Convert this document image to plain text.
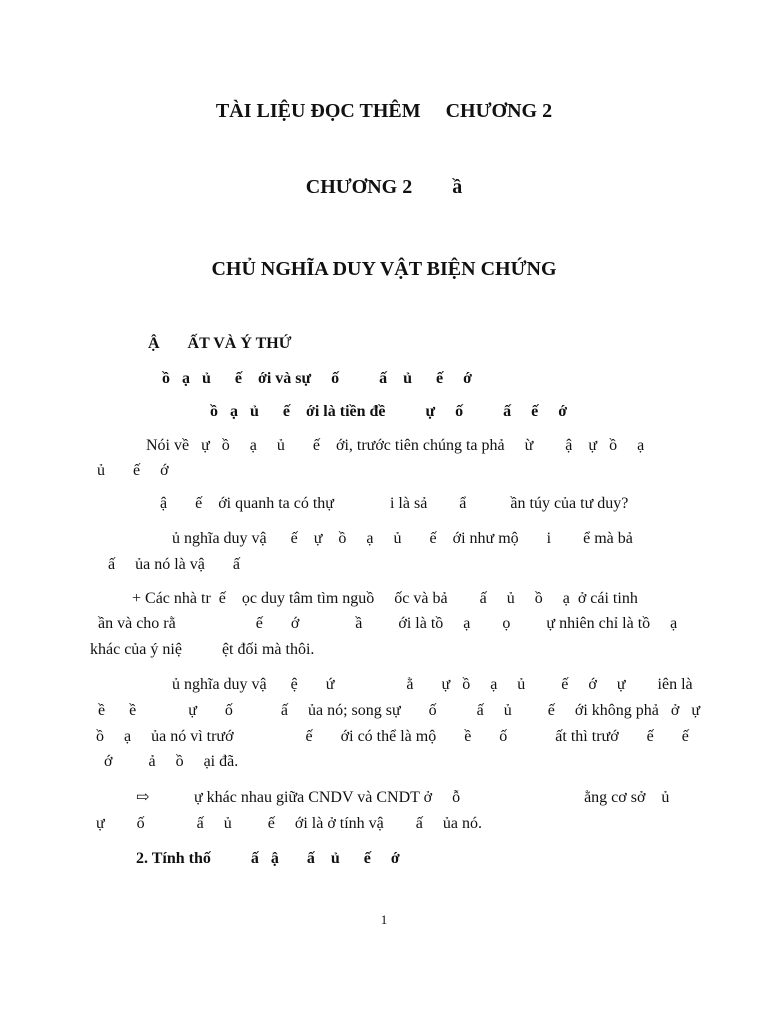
TÀI LIỆU ĐỌC THÊM     CHƯƠNG 2
CHƯƠNG 2        ầ
CHỦ NGHĨA DUY VẬT BIỆN CHỨNG
Ậ       ẤT VÀ Ý THỨ
ồ   ạ   ủ      ế    ới và sự     ố          ấ    ủ      ế     ớ
ồ   ạ   ủ      ế    ới là tiền đề          ự     ố          ấ     ế     ớ
Nói về   ự   ồ     ạ     ủ       ế    ới, trước tiên chúng ta phả     ừ        ậ    ự   ồ     ạ
ủ       ế     ớ
ậ       ế    ới quanh ta có thự              i là sả        ẩ           ần túy của tư duy?
ủ nghĩa duy vậ      ế    ự    ồ     ạ     ủ       ế    ới như mộ       i        ể mà bả
ấ     ủa nó là vậ       ấ
+ Các nhà tr  ế    ọc duy tâm tìm nguồ     ốc và bả        ấ     ủ     ồ     ạ  ở cái tinh
ần và cho rằ                    ế       ớ              ầ         ới là tồ     ạ        ọ         ự nhiên chỉ là tồ     ạ
khác của ý niệ          ệt đối mà thôi.
ủ nghĩa duy vậ      ệ       ứ                  ằ       ự   ồ     ạ     ủ         ế     ớ     ự        iên là
ề      ề             ự       ố            ấ     ủa nó; song sự       ố          ấ     ủ         ế     ới không phả   ở   ự
ồ     ạ     ủa nó vì trướ                  ế       ới có thể là mộ       ề       ố            ất thì trướ       ế       ế
ớ         ả     ồ     ại đã.
⇨	ự khác nhau giữa CNDV và CNDT ở     ỗ                               ằng cơ sở    ủ
ự        ố             ấ     ủ         ế     ới là ở tính vậ        ấ     ủa nó.
2. Tính thố          ấ   ậ       ấ    ủ      ế     ớ
1
